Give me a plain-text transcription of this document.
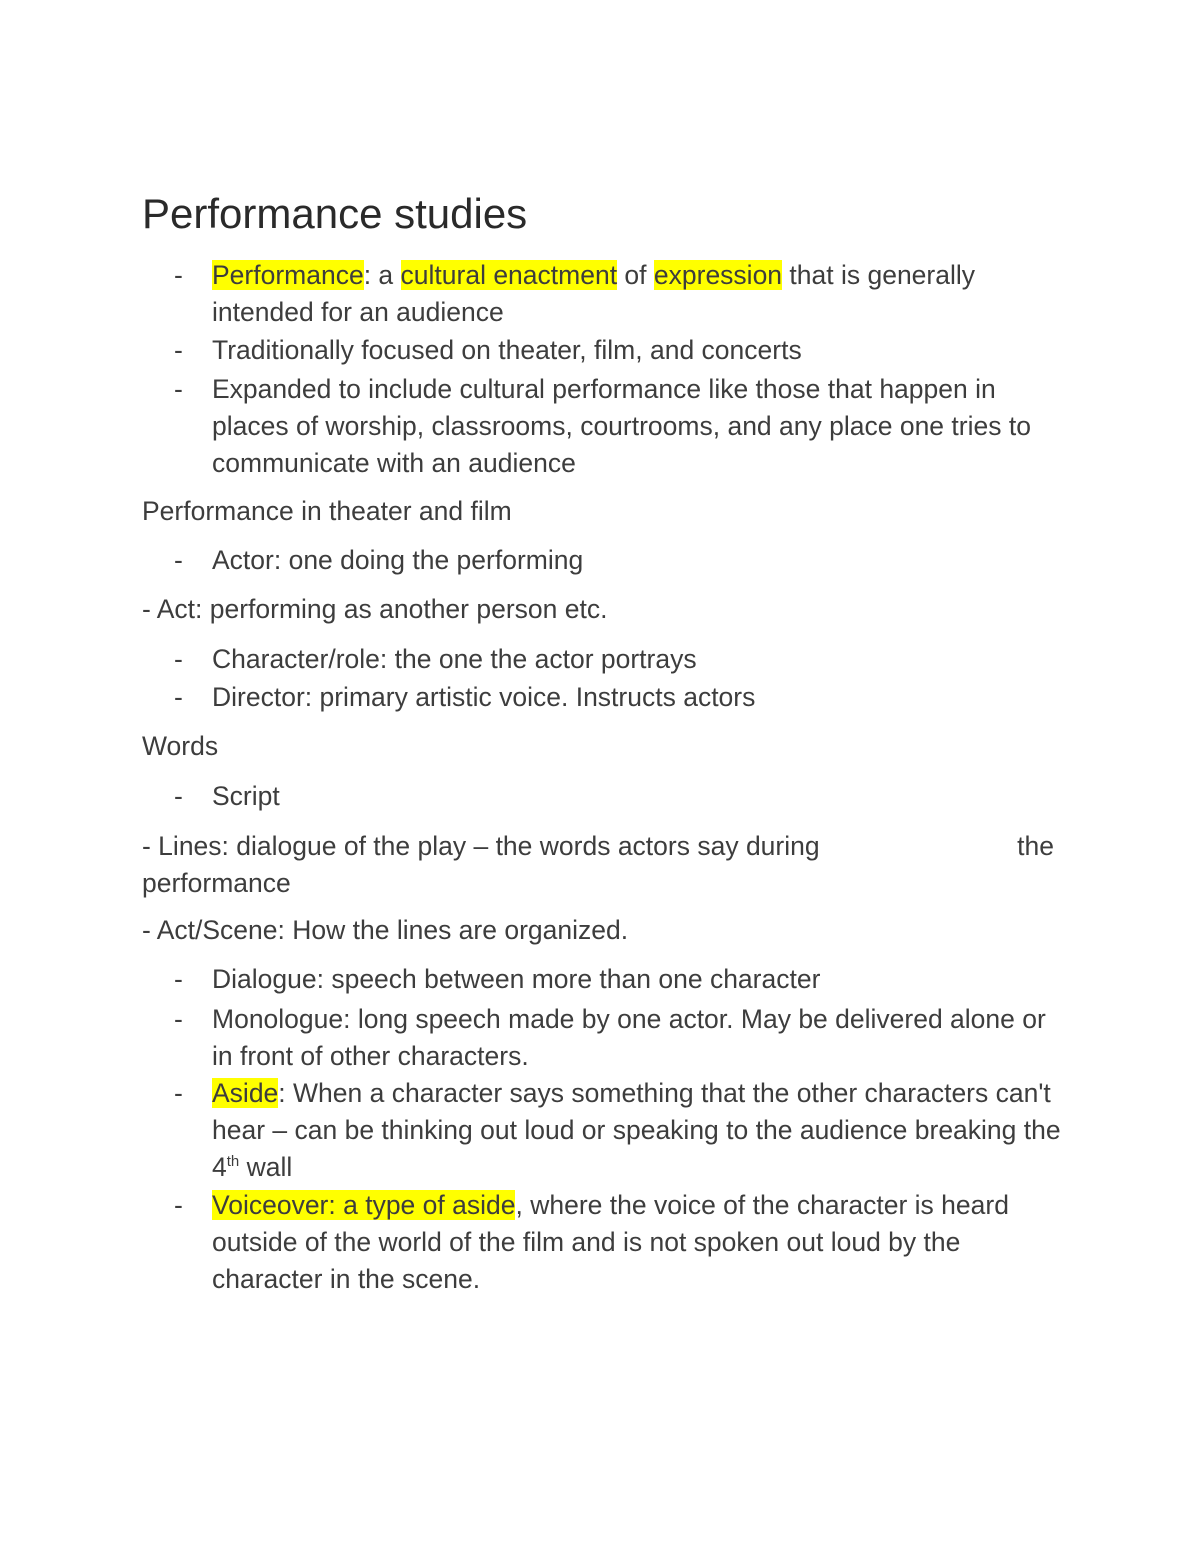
Performance studies
-	Performance: a cultural enactment of expression that is generally intended for an audience
-	Traditionally focused on theater, film, and concerts
-	Expanded to include cultural performance like those that happen in places of worship, classrooms, courtrooms, and any place one tries to communicate with an audience
Performance in theater and film
-	Actor: one doing the performing
- Act: performing as another person etc.
-	Character/role: the one the actor portrays
-	Director: primary artistic voice. Instructs actors
Words
-	Script
- Lines: dialogue of the play – the words actors say during	the
performance
- Act/Scene: How the lines are organized.
-	Dialogue: speech between more than one character
-	Monologue: long speech made by one actor. May be delivered alone or in front of other characters.
-	Aside: When a character says something that the other characters can't hear – can be thinking out loud or speaking to the audience breaking the 4th wall
-	Voiceover: a type of aside, where the voice of the character is heard outside of the world of the film and is not spoken out loud by the character in the scene.
